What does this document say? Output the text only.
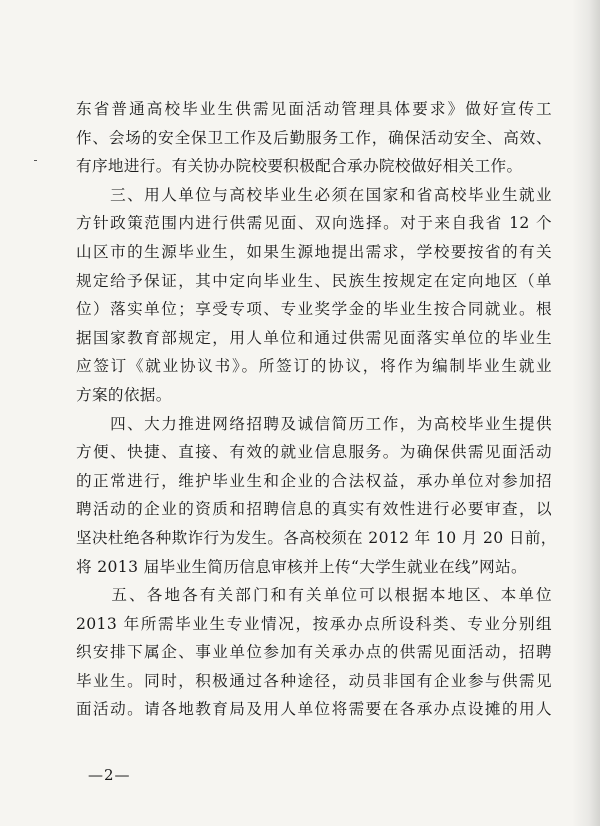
东省普通高校毕业生供需见面活动管理具体要求》做好宣传工
作、会场的安全保卫工作及后勤服务工作，确保活动安全、高效、
有序地进行。有关协办院校要积极配合承办院校做好相关工作。

　　三、用人单位与高校毕业生必须在国家和省高校毕业生就业
方针政策范围内进行供需见面、双向选择。对于来自我省 12 个
山区市的生源毕业生，如果生源地提出需求，学校要按省的有关
规定给予保证，其中定向毕业生、民族生按规定在定向地区（单
位）落实单位；享受专项、专业奖学金的毕业生按合同就业。根
据国家教育部规定，用人单位和通过供需见面落实单位的毕业生
应签订《就业协议书》。所签订的协议，将作为编制毕业生就业
方案的依据。

　　四、大力推进网络招聘及诚信简历工作，为高校毕业生提供
方便、快捷、直接、有效的就业信息服务。为确保供需见面活动
的正常进行，维护毕业生和企业的合法权益，承办单位对参加招
聘活动的企业的资质和招聘信息的真实有效性进行必要审查，以
坚决杜绝各种欺诈行为发生。各高校须在 2012 年 10 月 20 日前，
将 2013 届毕业生简历信息审核并上传“大学生就业在线”网站。

　　五、各地各有关部门和有关单位可以根据本地区、本单位
2013 年所需毕业生专业情况，按承办点所设科类、专业分别组
织安排下属企、事业单位参加有关承办点的供需见面活动，招聘
毕业生。同时，积极通过各种途径，动员非国有企业参与供需见
面活动。请各地教育局及用人单位将需要在各承办点设摊的用人

—2—
